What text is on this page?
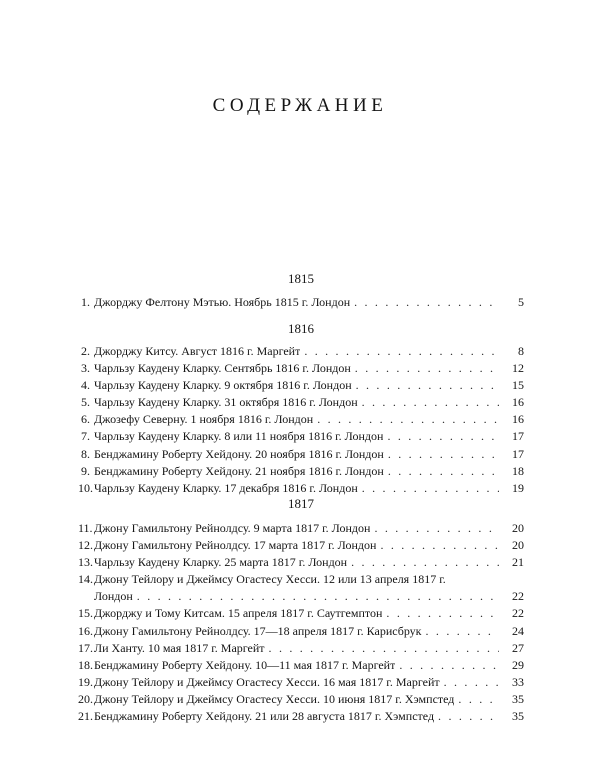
СОДЕРЖАНИЕ
1815
1. Джорджу Фелтону Мэтью. Ноябрь 1815 г. Лондон . . .	5
1816
2. Джорджу Китсу. Август 1816 г. Маргейт . . .	8
3. Чарльзу Каудену Кларку. Сентябрь 1816 г. Лондон . . .	12
4. Чарльзу Каудену Кларку. 9 октября 1816 г. Лондон . . .	15
5. Чарльзу Каудену Кларку. 31 октября 1816 г. Лондон . . .	16
6. Джозефу Северну. 1 ноября 1816 г. Лондон . . .	16
7. Чарльзу Каудену Кларку. 8 или 11 ноября 1816 г. Лондон . . .	17
8. Бенджамину Роберту Хейдону. 20 ноября 1816 г. Лондон . . .	17
9. Бенджамину Роберту Хейдону. 21 ноября 1816 г. Лондон . . .	18
10. Чарльзу Каудену Кларку. 17 декабря 1816 г. Лондон . . .	19
1817
11. Джону Гамильтону Рейнолдсу. 9 марта 1817 г. Лондон . . .	20
12. Джону Гамильтону Рейнолдсу. 17 марта 1817 г. Лондон . . .	20
13. Чарльзу Каудену Кларку. 25 марта 1817 г. Лондон . . .	21
14.Джону Тейлору и Джеймсу Огастесу Хесси. 12 или 13 апреля 1817 г.
Лондон . . .	22
15. Джорджу и Тому Китсам. 15 апреля 1817 г. Саутгемптон . . .	22
16. Джону Гамильтону Рейнолдсу. 17—18 апреля 1817 г. Карисбрук . . .	24
17. Ли Ханту. 10 мая 1817 г. Маргейт . . .	27
18. Бенджамину Роберту Хейдону. 10—11 мая 1817 г. Маргейт . . .	29
19. Джону Тейлору и Джеймсу Огастесу Хесси. 16 мая 1817 г. Маргейт . . .	33
20. Джону Тейлору и Джеймсу Огастесу Хесси. 10 июня 1817 г. Хэмпстед . . .	35
21. Бенджамину Роберту Хейдону. 21 или 28 августа 1817 г. Хэмпстед . . .	35
